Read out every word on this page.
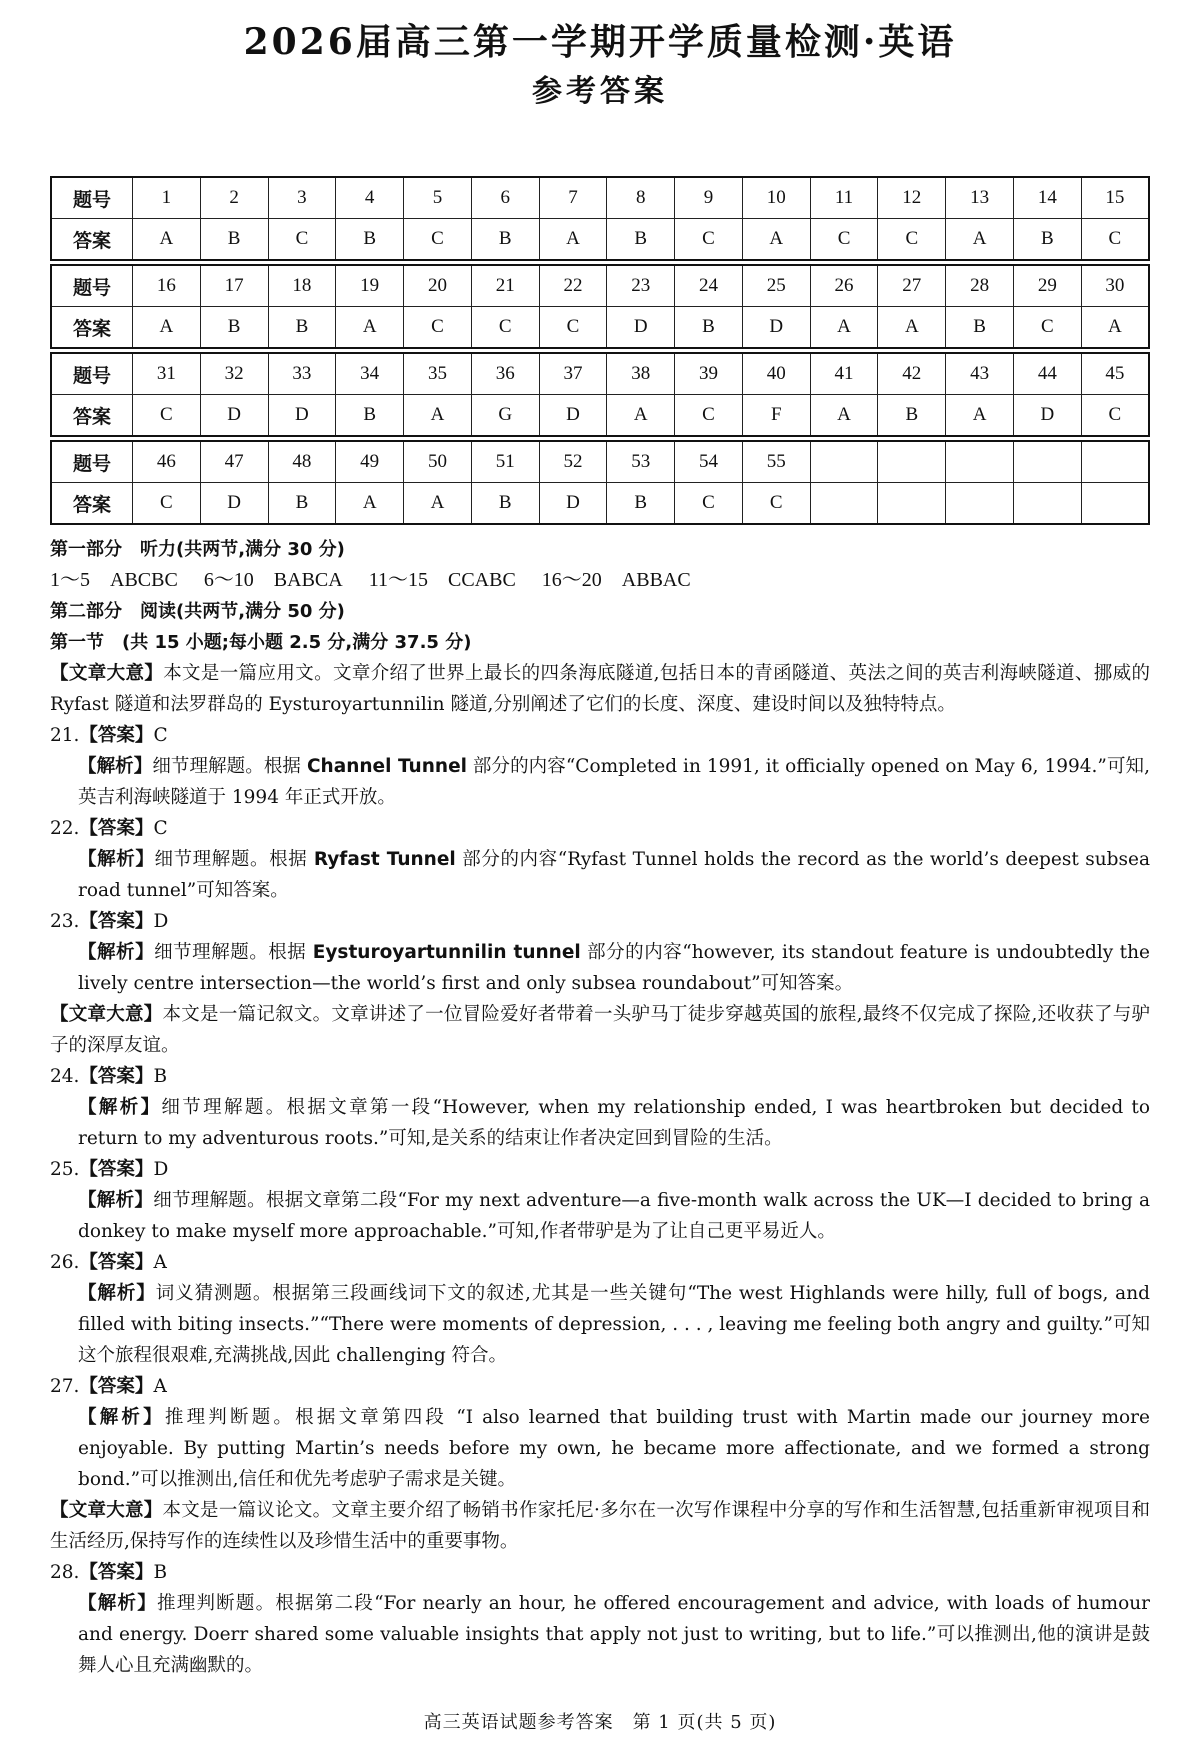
2026届高三第一学期开学质量检测·英语
参考答案
题号	1	2	3	4	5	6	7	8	9	10	11	12	13	14	15
答案	A	B	C	B	C	B	A	B	C	A	C	C	A	B	C
题号	16	17	18	19	20	21	22	23	24	25	26	27	28	29	30
答案	A	B	B	A	C	C	C	D	B	D	A	A	B	C	A
题号	31	32	33	34	35	36	37	38	39	40	41	42	43	44	45
答案	C	D	D	B	A	G	D	A	C	F	A	B	A	D	C
题号	46	47	48	49	50	51	52	53	54	55					
答案	C	D	B	A	A	B	D	B	C	C					

第一部分　听力(共两节,满分 30 分)

1～5　ABCBC 6～10　BABCA 11～15　CCABC 16～20　ABBAC

第二部分　阅读(共两节,满分 50 分)

第一节　(共 15 小题;每小题 2.5 分,满分 37.5 分)

【文章大意】本文是一篇应用文。文章介绍了世界上最长的四条海底隧道,包括日本的青函隧道、英法之间的英吉利海峡隧道、挪威的 Ryfast 隧道和法罗群岛的 Eysturoyartunnilin 隧道,分别阐述了它们的长度、深度、建设时间以及独特特点。

21.【答案】C

【解析】细节理解题。根据 Channel Tunnel 部分的内容“Completed in 1991, it officially opened on May 6, 1994.”可知,英吉利海峡隧道于 1994 年正式开放。

22.【答案】C

【解析】细节理解题。根据 Ryfast Tunnel 部分的内容“Ryfast Tunnel holds the record as the world’s deepest subsea road tunnel”可知答案。

23.【答案】D

【解析】细节理解题。根据 Eysturoyartunnilin tunnel 部分的内容“however, its standout feature is undoubtedly the lively centre intersection—the world’s first and only subsea roundabout”可知答案。

【文章大意】本文是一篇记叙文。文章讲述了一位冒险爱好者带着一头驴马丁徒步穿越英国的旅程,最终不仅完成了探险,还收获了与驴子的深厚友谊。

24.【答案】B

【解析】细节理解题。根据文章第一段“However, when my relationship ended, I was heartbroken but decided to return to my adventurous roots.”可知,是关系的结束让作者决定回到冒险的生活。

25.【答案】D

【解析】细节理解题。根据文章第二段“For my next adventure—a five-month walk across the UK—I decided to bring a donkey to make myself more approachable.”可知,作者带驴是为了让自己更平易近人。

26.【答案】A

【解析】词义猜测题。根据第三段画线词下文的叙述,尤其是一些关键句“The west Highlands were hilly, full of bogs, and filled with biting insects.”“There were moments of depression, . . . , leaving me feeling both angry and guilty.”可知这个旅程很艰难,充满挑战,因此 challenging 符合。

27.【答案】A

【解析】推理判断题。根据文章第四段 “I also learned that building trust with Martin made our journey more enjoyable. By putting Martin’s needs before my own, he became more affectionate, and we formed a strong bond.”可以推测出,信任和优先考虑驴子需求是关键。

【文章大意】本文是一篇议论文。文章主要介绍了畅销书作家托尼·多尔在一次写作课程中分享的写作和生活智慧,包括重新审视项目和生活经历,保持写作的连续性以及珍惜生活中的重要事物。

28.【答案】B

【解析】推理判断题。根据第二段“For nearly an hour, he offered encouragement and advice, with loads of humour and energy. Doerr shared some valuable insights that apply not just to writing, but to life.”可以推测出,他的演讲是鼓舞人心且充满幽默的。

高三英语试题参考答案　第 1 页(共 5 页)
